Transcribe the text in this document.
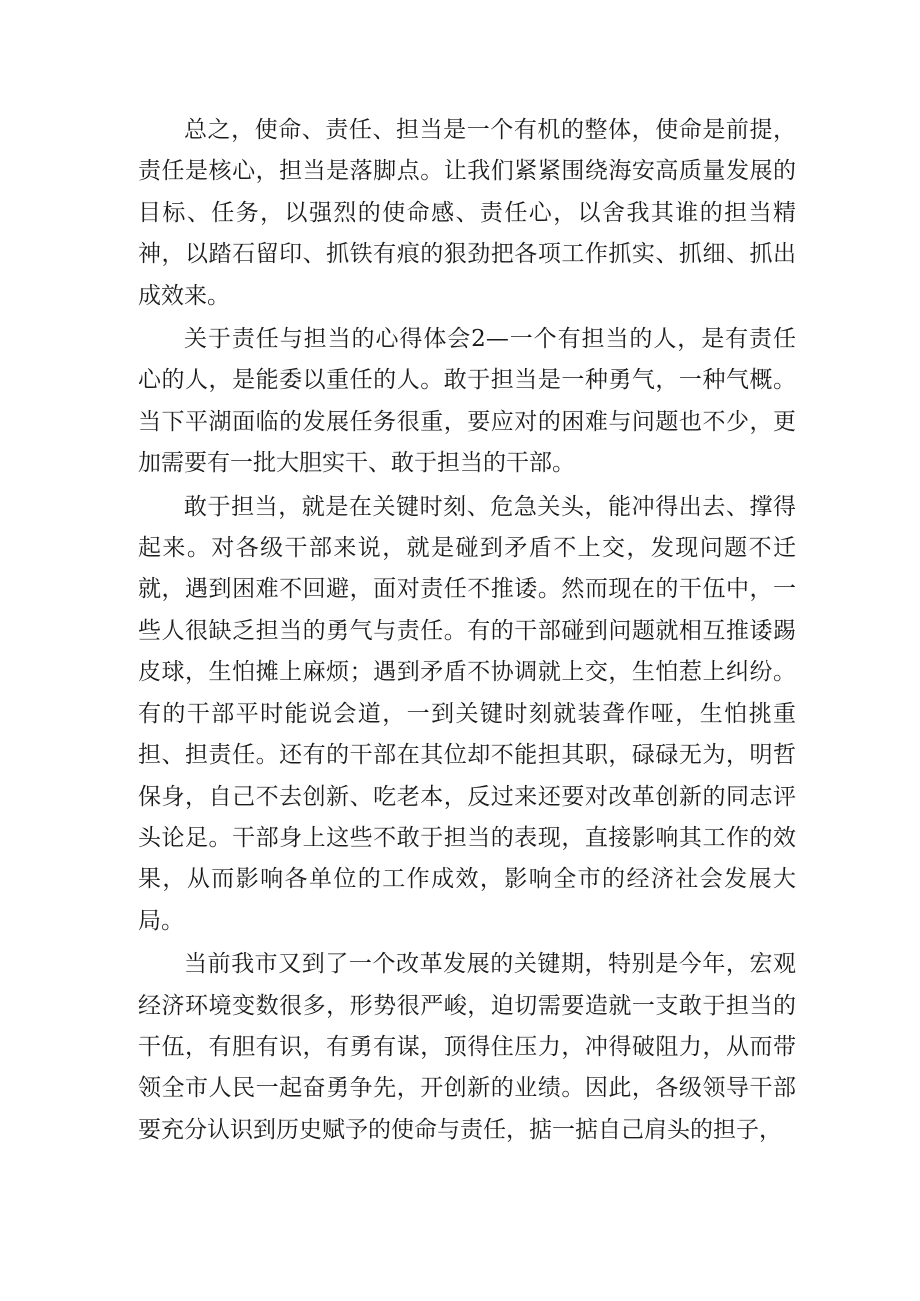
总之，使命、责任、担当是一个有机的整体，使命是前提，责任是核心，担当是落脚点。让我们紧紧围绕海安高质量发展的目标、任务，以强烈的使命感、责任心，以舍我其谁的担当精神，以踏石留印、抓铁有痕的狠劲把各项工作抓实、抓细、抓出成效来。

关于责任与担当的心得体会2—一个有担当的人，是有责任心的人，是能委以重任的人。敢于担当是一种勇气，一种气概。当下平湖面临的发展任务很重，要应对的困难与问题也不少，更加需要有一批大胆实干、敢于担当的干部。

敢于担当，就是在关键时刻、危急关头，能冲得出去、撑得起来。对各级干部来说，就是碰到矛盾不上交，发现问题不迁就，遇到困难不回避，面对责任不推诿。然而现在的干伍中，一些人很缺乏担当的勇气与责任。有的干部碰到问题就相互推诿踢皮球，生怕摊上麻烦；遇到矛盾不协调就上交，生怕惹上纠纷。有的干部平时能说会道，一到关键时刻就装聋作哑，生怕挑重担、担责任。还有的干部在其位却不能担其职，碌碌无为，明哲保身，自己不去创新、吃老本，反过来还要对改革创新的同志评头论足。干部身上这些不敢于担当的表现，直接影响其工作的效果，从而影响各单位的工作成效，影响全市的经济社会发展大局。

当前我市又到了一个改革发展的关键期，特别是今年，宏观经济环境变数很多，形势很严峻，迫切需要造就一支敢于担当的干伍，有胆有识，有勇有谋，顶得住压力，冲得破阻力，从而带领全市人民一起奋勇争先，开创新的业绩。因此，各级领导干部要充分认识到历史赋予的使命与责任，掂一掂自己肩头的担子，
